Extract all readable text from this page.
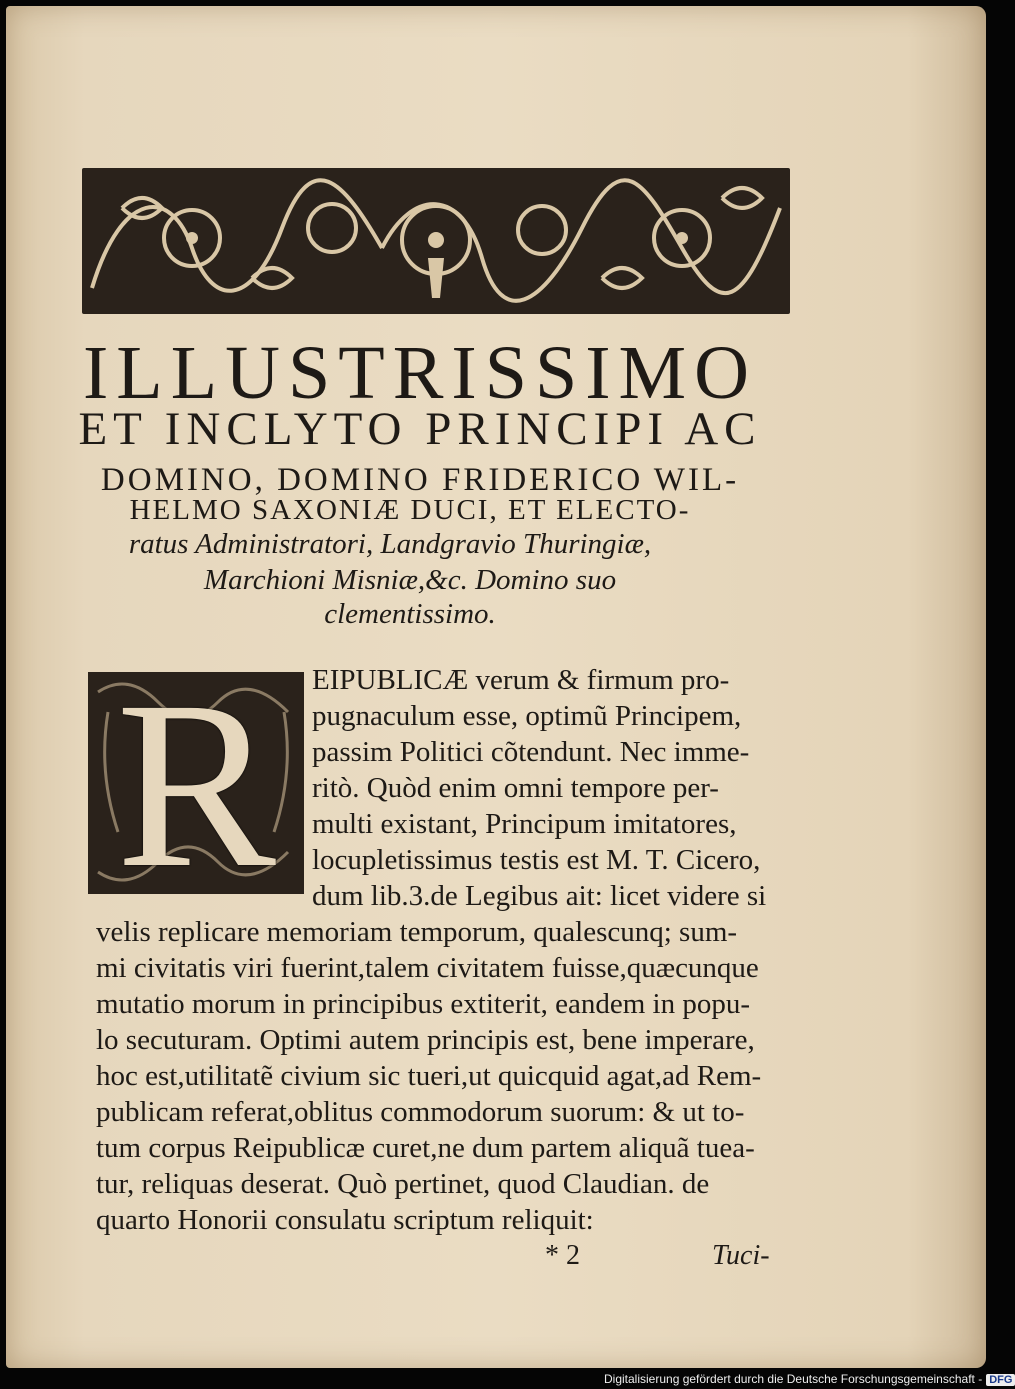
ILLUSTRISSIMO
ET INCLYTO PRINCIPI AC
DOMINO, DOMINO FRIDERICO WIL-
HELMO SAXONIÆ DUCI, ET ELECTO-
ratus Administratori, Landgravio Thuringiæ,
Marchioni Misniæ,&c. Domino suo
clementissimo.
R	EIPUBLICÆ verum & firmum pro-
pugnaculum esse, optimũ Principem,
passim Politici cõtendunt. Nec imme-
ritò. Quòd enim omni tempore per-
multi existant, Principum imitatores,
locupletissimus testis est M. T. Cicero,
dum lib.3.de Legibus ait: licet videre si
velis replicare memoriam temporum, qualescunq; sum-
mi civitatis viri fuerint,talem civitatem fuisse,quæcunque
mutatio morum in principibus extiterit, eandem in popu-
lo secuturam. Optimi autem principis est, bene imperare,
hoc est,utilitatẽ civium sic tueri,ut quicquid agat,ad Rem-
publicam referat,oblitus commodorum suorum: & ut to-
tum corpus Reipublicæ curet,ne dum partem aliquã tuea-
tur, reliquas deserat. Quò pertinet, quod Claudian. de
quarto Honorii consulatu scriptum reliquit:
* 2	Tuci-
Digitalisierung gefördert durch die Deutsche Forschungsgemeinschaft - DFG
